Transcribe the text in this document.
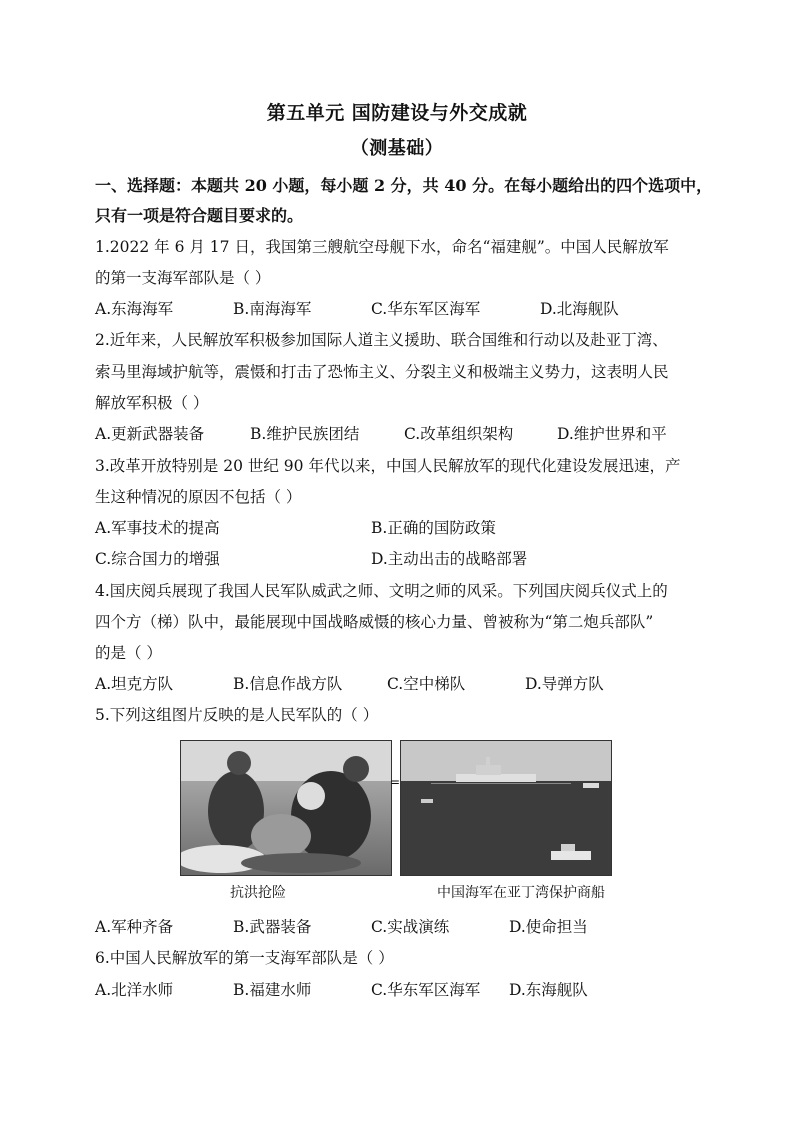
第五单元 国防建设与外交成就
（测基础）
一、选择题：本题共 20 小题，每小题 2 分，共 40 分。在每小题给出的四个选项中，
只有一项是符合题目要求的。
1.2022 年 6 月 17 日，我国第三艘航空母舰下水，命名“福建舰”。中国人民解放军
的第一支海军部队是（ ）
A.东海海军	B.南海海军	C.华东军区海军	D.北海舰队
2.近年来，人民解放军积极参加国际人道主义援助、联合国维和行动以及赴亚丁湾、
索马里海域护航等，震慑和打击了恐怖主义、分裂主义和极端主义势力，这表明人民
解放军积极（ ）
A.更新武器装备	B.维护民族团结	C.改革组织架构	D.维护世界和平
3.改革开放特别是 20 世纪 90 年代以来，中国人民解放军的现代化建设发展迅速，产
生这种情况的原因不包括（ ）
A.军事技术的提高	B.正确的国防政策
C.综合国力的增强	D.主动出击的战略部署
4.国庆阅兵展现了我国人民军队威武之师、文明之师的风采。下列国庆阅兵仪式上的
四个方（梯）队中，最能展现中国战略威慑的核心力量、曾被称为“第二炮兵部队”
的是（ ）
A.坦克方队	B.信息作战方队	C.空中梯队	D.导弹方队
5.下列这组图片反映的是人民军队的（ ）
=
抗洪抢险	中国海军在亚丁湾保护商船
A.军种齐备	B.武器装备	C.实战演练	D.使命担当
6.中国人民解放军的第一支海军部队是（ ）
A.北洋水师	B.福建水师	C.华东军区海军 D.东海舰队
